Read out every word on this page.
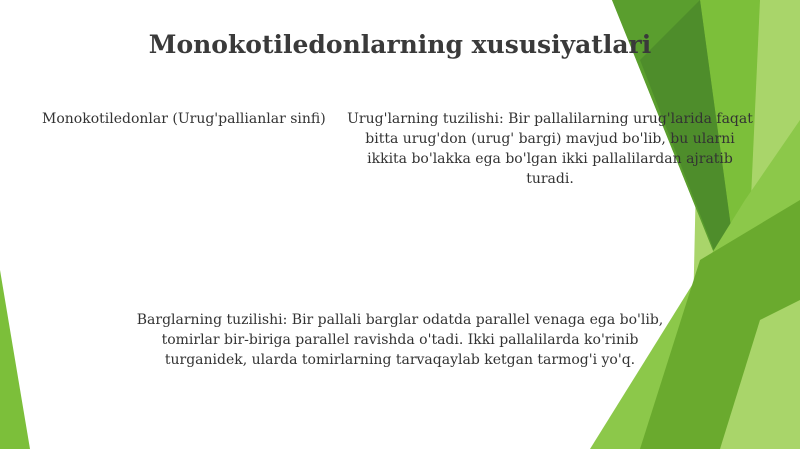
Monokotiledonlarning xususiyatlari
Monokotiledonlar (Urug'pallianlar sinfi)	Urug'larning tuzilishi: Bir pallalilarning urug'larida faqat bitta urug'don (urug' bargi) mavjud bo'lib, bu ularni ikkita bo'lakka ega bo'lgan ikki pallalilardan ajratib turadi.
Barglarning tuzilishi: Bir pallali barglar odatda parallel venaga ega bo'lib, tomirlar bir-biriga parallel ravishda o'tadi. Ikki pallalilarda ko'rinib turganidek, ularda tomirlarning tarvaqaylab ketgan tarmog'i yo'q.
